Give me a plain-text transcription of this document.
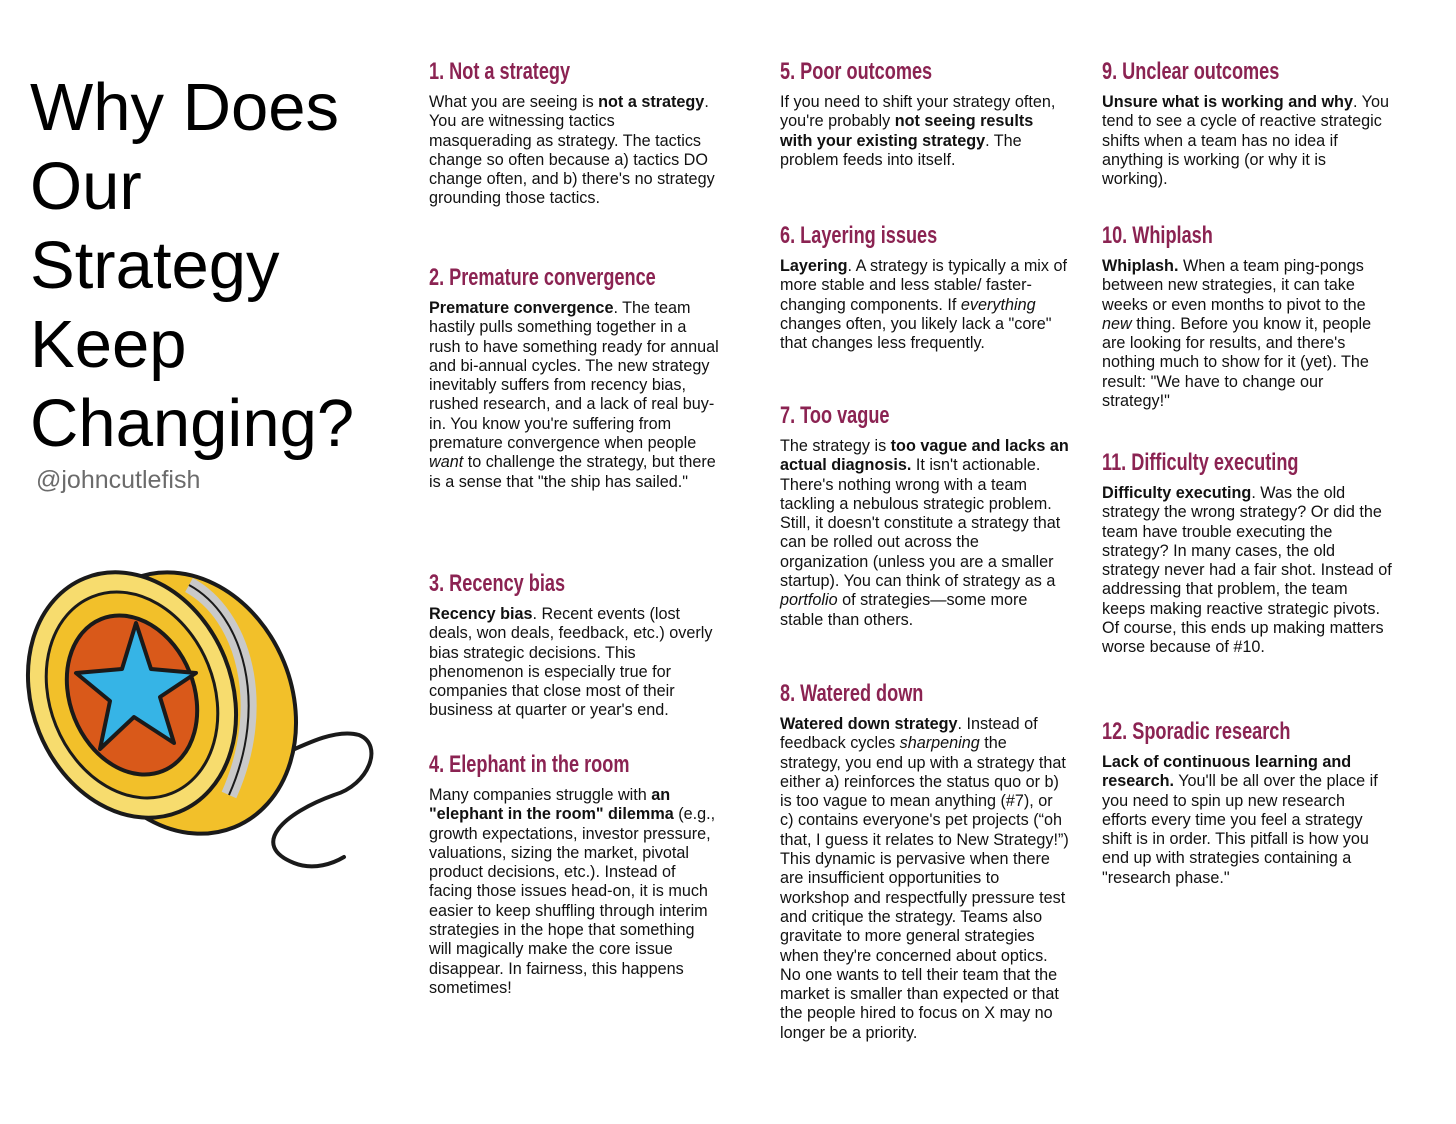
Why Does
Our
Strategy
Keep
Changing?
@johncutlefish
1. Not a strategy

What you are seeing is not a strategy. You are witnessing tactics masquerading as strategy. The tactics change so often because a) tactics DO change often, and b) there's no strategy grounding those tactics.

2. Premature convergence

Premature convergence. The team hastily pulls something together in a rush to have something ready for annual and bi-annual cycles. The new strategy inevitably suffers from recency bias, rushed research, and a lack of real buy-in. You know you're suffering from premature convergence when people want to challenge the strategy, but there is a sense that "the ship has sailed."

3. Recency bias

Recency bias. Recent events (lost deals, won deals, feedback, etc.) overly bias strategic decisions. This phenomenon is especially true for companies that close most of their business at quarter or year's end.

4. Elephant in the room

Many companies struggle with an "elephant in the room" dilemma (e.g., growth expectations, investor pressure, valuations, sizing the market, pivotal product decisions, etc.). Instead of facing those issues head-on, it is much easier to keep shuffling through interim strategies in the hope that something will magically make the core issue disappear. In fairness, this happens sometimes!

5. Poor outcomes

If you need to shift your strategy often, you're probably not seeing results with your existing strategy. The problem feeds into itself.

6. Layering issues

Layering. A strategy is typically a mix of more stable and less stable/ faster-changing components. If everything changes often, you likely lack a "core" that changes less frequently.

7. Too vague

The strategy is too vague and lacks an actual diagnosis. It isn't actionable. There's nothing wrong with a team tackling a nebulous strategic problem. Still, it doesn't constitute a strategy that can be rolled out across the organization (unless you are a smaller startup). You can think of strategy as a portfolio of strategies—some more stable than others.

8. Watered down

Watered down strategy. Instead of feedback cycles sharpening the strategy, you end up with a strategy that either a) reinforces the status quo or b) is too vague to mean anything (#7), or c) contains everyone's pet projects (“oh that, I guess it relates to New Strategy!”) This dynamic is pervasive when there are insufficient opportunities to workshop and respectfully pressure test and critique the strategy. Teams also gravitate to more general strategies when they're concerned about optics. No one wants to tell their team that the market is smaller than expected or that the people hired to focus on X may no longer be a priority.

9. Unclear outcomes

Unsure what is working and why. You tend to see a cycle of reactive strategic shifts when a team has no idea if anything is working (or why it is working).

10. Whiplash

Whiplash. When a team ping-pongs between new strategies, it can take weeks or even months to pivot to the new thing. Before you know it, people are looking for results, and there's nothing much to show for it (yet). The result: "We have to change our strategy!"

11. Difficulty executing

Difficulty executing. Was the old strategy the wrong strategy? Or did the team have trouble executing the strategy? In many cases, the old strategy never had a fair shot. Instead of addressing that problem, the team keeps making reactive strategic pivots. Of course, this ends up making matters worse because of #10.

12. Sporadic research

Lack of continuous learning and research. You'll be all over the place if you need to spin up new research efforts every time you feel a strategy shift is in order. This pitfall is how you end up with strategies containing a "research phase."
